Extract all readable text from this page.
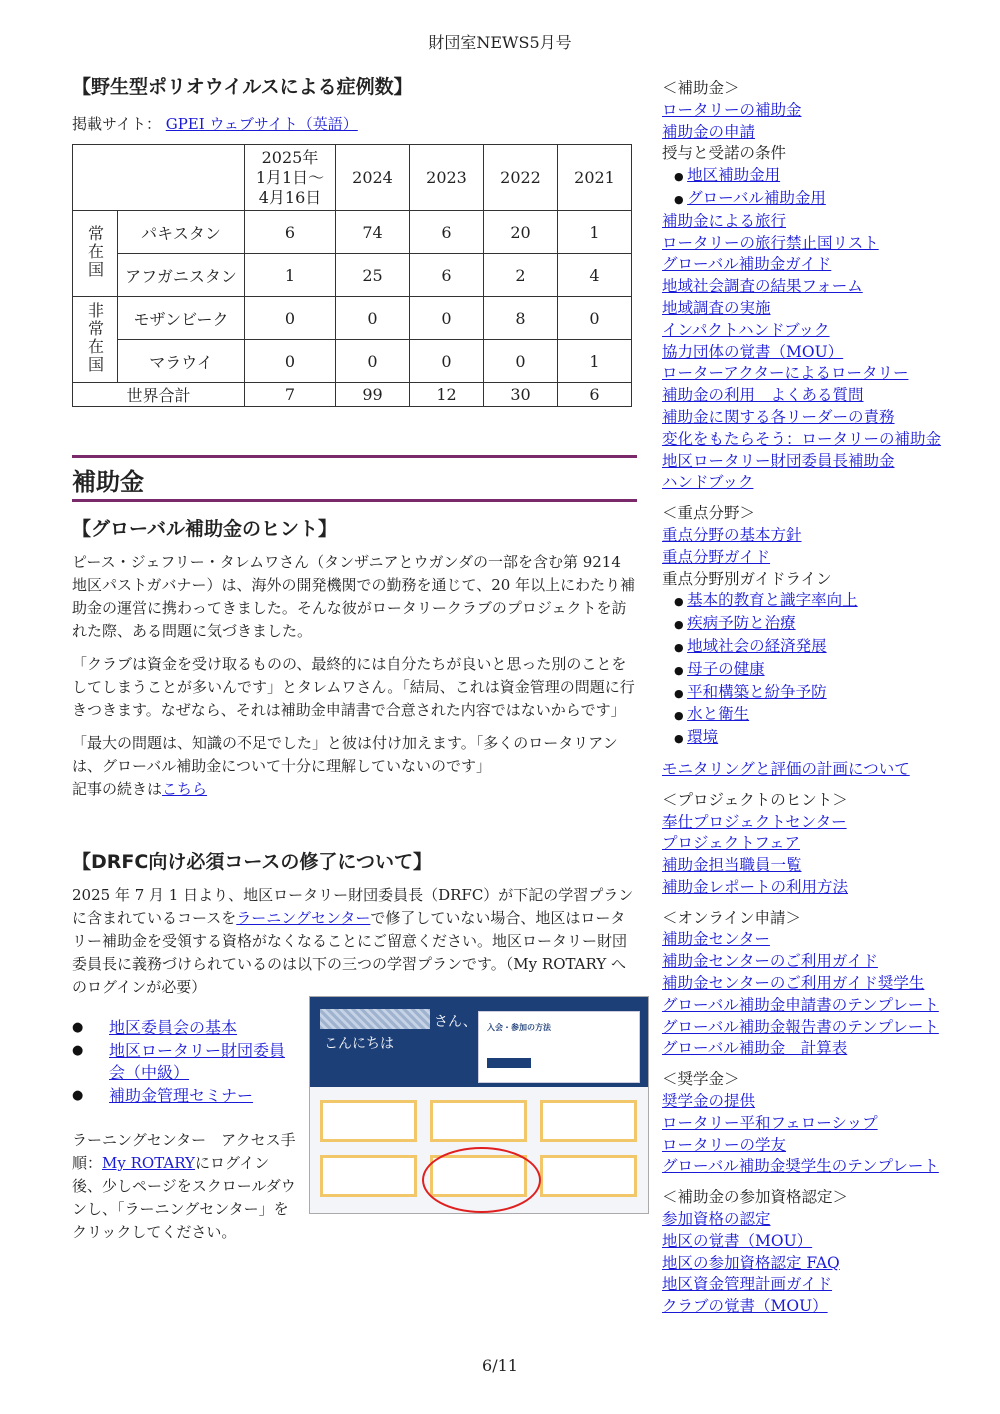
財団室NEWS5月号
【野生型ポリオウイルスによる症例数】

掲載サイト： GPEI ウェブサイト（英語）

		2025年
1月1日～
4月16日	2024	2023	2022	2021
常在国	パキスタン	6	74	6	20	1
	アフガニスタン	1	25	6	2	4
非常在国	モザンビーク	0	0	0	8	0
	マラウイ	0	0	0	0	1
世界合計		7	99	12	30	6
補助金
【グローバル補助金のヒント】

ピース・ジェフリー・タレムワさん（タンザニアとウガンダの一部を含む第 9214 地区パストガバナー）は、海外の開発機関での勤務を通じて、20 年以上にわたり補助金の運営に携わってきました。そんな彼がロータリークラブのプロジェクトを訪れた際、ある問題に気づきました。

「クラブは資金を受け取るものの、最終的には自分たちが良いと思った別のことをしてしまうことが多いんです」とタレムワさん。「結局、これは資金管理の問題に行きつきます。なぜなら、それは補助金申請書で合意された内容ではないからです」

「最大の問題は、知識の不足でした」と彼は付け加えます。「多くのロータリアンは、グローバル補助金について十分に理解していないのです」

記事の続きはこちら

【DRFC向け必須コースの修了について】

2025 年 7 月 1 日より、地区ロータリー財団委員長（DRFC）が下記の学習プランに含まれているコースをラーニングセンターで修了していない場合、地区はロータリー補助金を受領する資格がなくなることにご留意ください。地区ロータリー財団委員長に義務づけられているのは以下の三つの学習プランです。（My ROTARY へのログインが必要）

● 地区委員会の基本
● 地区ロータリー財団委員会（中級）
● 補助金管理セミナー

ラーニングセンター　アクセス手順：My ROTARYにログイン後、少しページをスクロールダウンし、「ラーニングセンター」をクリックしてください。

さん、
こんにちは
入会・参加の方法
＜補助金＞
ロータリーの補助金
補助金の申請
授与と受諾の条件
● 地区補助金用
● グローバル補助金用
補助金による旅行
ロータリーの旅行禁止国リスト
グローバル補助金ガイド
地域社会調査の結果フォーム
地域調査の実施
インパクトハンドブック
協力団体の覚書（MOU）
ローターアクターによるロータリー
補助金の利用　よくある質問
補助金に関する各リーダーの責務
変化をもたらそう：ロータリーの補助金
地区ロータリー財団委員長補助金
ハンドブック
＜重点分野＞
重点分野の基本方針
重点分野ガイド
重点分野別ガイドライン
● 基本的教育と識字率向上
● 疾病予防と治療
● 地域社会の経済発展
● 母子の健康
● 平和構築と紛争予防
● 水と衛生
● 環境
モニタリングと評価の計画について
＜プロジェクトのヒント＞
奉仕プロジェクトセンター
プロジェクトフェア
補助金担当職員一覧
補助金レポートの利用方法
＜オンライン申請＞
補助金センター
補助金センターのご利用ガイド
補助金センターのご利用ガイド奨学生
グローバル補助金申請書のテンプレート
グローバル補助金報告書のテンプレート
グローバル補助金　計算表
＜奨学金＞
奨学金の提供
ロータリー平和フェローシップ
ロータリーの学友
グローバル補助金奨学生のテンプレート
＜補助金の参加資格認定＞
参加資格の認定
地区の覚書（MOU）
地区の参加資格認定 FAQ
地区資金管理計画ガイド
クラブの覚書（MOU）
6/11
